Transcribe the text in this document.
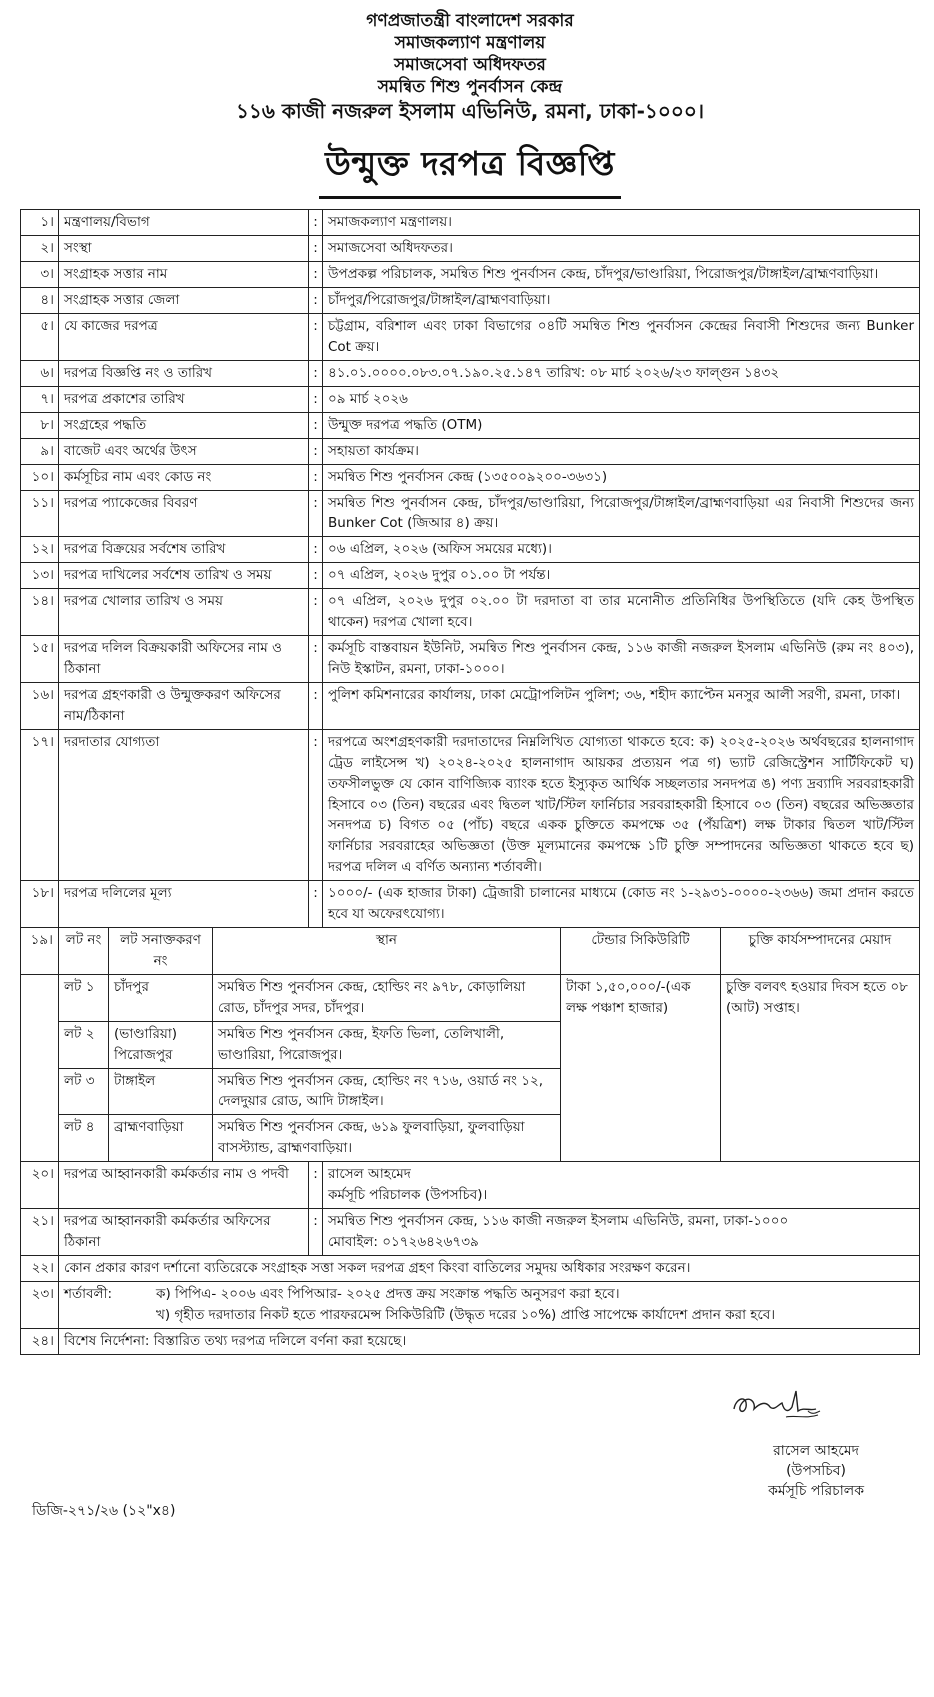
গণপ্রজাতন্ত্রী বাংলাদেশ সরকার
সমাজকল্যাণ মন্ত্রণালয়
সমাজসেবা অধিদফতর
সমন্বিত শিশু পুনর্বাসন কেন্দ্র
১১৬ কাজী নজরুল ইসলাম এভিনিউ, রমনা, ঢাকা-১০০০।
উন্মুক্ত দরপত্র বিজ্ঞপ্তি
১।	মন্ত্রণালয়/বিভাগ	:	সমাজকল্যাণ মন্ত্রণালয়।
২।	সংস্থা	:	সমাজসেবা অধিদফতর।
৩।	সংগ্রাহক সত্তার নাম	:	উপপ্রকল্প পরিচালক, সমন্বিত শিশু পুনর্বাসন কেন্দ্র, চাঁদপুর/ভাণ্ডারিয়া, পিরোজপুর/টাঙ্গাইল/ব্রাহ্মণবাড়িয়া।
৪।	সংগ্রাহক সত্তার জেলা	:	চাঁদপুর/পিরোজপুর/টাঙ্গাইল/ব্রাহ্মণবাড়িয়া।
৫।	যে কাজের দরপত্র	:	চট্টগ্রাম, বরিশাল এবং ঢাকা বিভাগের ০৪টি সমন্বিত শিশু পুনর্বাসন কেন্দ্রের নিবাসী শিশুদের জন্য Bunker Cot ক্রয়।
৬।	দরপত্র বিজ্ঞপ্তি নং ও তারিখ	:	৪১.০১.০০০০.০৮৩.০৭.১৯০.২৫.১৪৭ তারিখ: ০৮ মার্চ ২০২৬/২৩ ফাল্গুন ১৪৩২
৭।	দরপত্র প্রকাশের তারিখ	:	০৯ মার্চ ২০২৬
৮।	সংগ্রহের পদ্ধতি	:	উন্মুক্ত দরপত্র পদ্ধতি (OTM)
৯।	বাজেট এবং অর্থের উৎস	:	সহায়তা কার্যক্রম।
১০।	কর্মসূচির নাম এবং কোড নং	:	সমন্বিত শিশু পুনর্বাসন কেন্দ্র (১৩৫০০৯২০০-৩৬৩১)
১১।	দরপত্র প্যাকেজের বিবরণ	:	সমন্বিত শিশু পুনর্বাসন কেন্দ্র, চাঁদপুর/ভাণ্ডারিয়া, পিরোজপুর/টাঙ্গাইল/ব্রাহ্মণবাড়িয়া এর নিবাসী শিশুদের জন্য Bunker Cot (জিআর ৪) ক্রয়।
১২।	দরপত্র বিক্রয়ের সর্বশেষ তারিখ	:	০৬ এপ্রিল, ২০২৬ (অফিস সময়ের মধ্যে)।
১৩।	দরপত্র দাখিলের সর্বশেষ তারিখ ও সময়	:	০৭ এপ্রিল, ২০২৬ দুপুর ০১.০০ টা পর্যন্ত।
১৪।	দরপত্র খোলার তারিখ ও সময়	:	০৭ এপ্রিল, ২০২৬ দুপুর ০২.০০ টা দরদাতা বা তার মনোনীত প্রতিনিধির উপস্থিতিতে (যদি কেহ উপস্থিত থাকেন) দরপত্র খোলা হবে।
১৫।	দরপত্র দলিল বিক্রয়কারী অফিসের নাম ও ঠিকানা	:	কর্মসূচি বাস্তবায়ন ইউনিট, সমন্বিত শিশু পুনর্বাসন কেন্দ্র, ১১৬ কাজী নজরুল ইসলাম এভিনিউ (রুম নং ৪০৩), নিউ ইস্কাটন, রমনা, ঢাকা-১০০০।
১৬।	দরপত্র গ্রহণকারী ও উন্মুক্তকরণ অফিসের নাম/ঠিকানা	:	পুলিশ কমিশনারের কার্যালয়, ঢাকা মেট্রোপলিটন পুলিশ; ৩৬, শহীদ ক্যাপ্টেন মনসুর আলী সরণী, রমনা, ঢাকা।
১৭।	দরদাতার যোগ্যতা	:	দরপত্রে অংশগ্রহণকারী দরদাতাদের নিম্নলিখিত যোগ্যতা থাকতে হবে: ক) ২০২৫-২০২৬ অর্থবছরের হালনাগাদ ট্রেড লাইসেন্স খ) ২০২৪-২০২৫ হালনাগাদ আয়কর প্রত্যয়ন পত্র গ) ভ্যাট রেজিস্ট্রেশন সার্টিফিকেট ঘ) তফসীলভুক্ত যে কোন বাণিজ্যিক ব্যাংক হতে ইস্যুকৃত আর্থিক সচ্ছলতার সনদপত্র ঙ) পণ্য দ্রব্যাদি সরবরাহকারী হিসাবে ০৩ (তিন) বছরের এবং দ্বিতল খাট/স্টিল ফার্নিচার সরবরাহকারী হিসাবে ০৩ (তিন) বছরের অভিজ্ঞতার সনদপত্র চ) বিগত ০৫ (পাঁচ) বছরে একক চুক্তিতে কমপক্ষে ৩৫ (পঁয়ত্রিশ) লক্ষ টাকার দ্বিতল খাট/স্টিল ফার্নিচার সরবরাহের অভিজ্ঞতা (উক্ত মূল্যমানের কমপক্ষে ১টি চুক্তি সম্পাদনের অভিজ্ঞতা থাকতে হবে ছ) দরপত্র দলিল এ বর্ণিত অন্যান্য শর্তাবলী।
১৮।	দরপত্র দলিলের মূল্য	:	১০০০/- (এক হাজার টাকা) ট্রেজারী চালানের মাধ্যমে (কোড নং ১-২৯৩১-০০০০-২৩৬৬) জমা প্রদান করতে হবে যা অফেরৎযোগ্য।
১৯।	লট নং	লট সনাক্তকরণ নং	স্থান	টেন্ডার সিকিউরিটি	চুক্তি কার্যসম্পাদনের মেয়াদ
	লট ১	চাঁদপুর	সমন্বিত শিশু পুনর্বাসন কেন্দ্র, হোল্ডিং নং ৯৭৮, কোড়ালিয়া রোড, চাঁদপুর সদর, চাঁদপুর।	টাকা ১,৫০,০০০/-(এক লক্ষ পঞ্চাশ হাজার)	চুক্তি বলবৎ হওয়ার দিবস হতে ০৮ (আট) সপ্তাহ।
	লট ২	(ভাণ্ডারিয়া) পিরোজপুর	সমন্বিত শিশু পুনর্বাসন কেন্দ্র, ইফতি ভিলা, তেলিখালী, ভাণ্ডারিয়া, পিরোজপুর।		
	লট ৩	টাঙ্গাইল	সমন্বিত শিশু পুনর্বাসন কেন্দ্র, হোল্ডিং নং ৭১৬, ওয়ার্ড নং ১২, দেলদুয়ার রোড, আদি টাঙ্গাইল।		
	লট ৪	ব্রাহ্মণবাড়িয়া	সমন্বিত শিশু পুনর্বাসন কেন্দ্র, ৬১৯ ফুলবাড়িয়া, ফুলবাড়িয়া বাসস্ট্যান্ড, ব্রাহ্মণবাড়িয়া।		
২০।	দরপত্র আহ্বানকারী কর্মকর্তার নাম ও পদবী	:	রাসেল আহমেদ
কর্মসূচি পরিচালক (উপসচিব)।

২১।	দরপত্র আহ্বানকারী কর্মকর্তার অফিসের ঠিকানা	:	সমন্বিত শিশু পুনর্বাসন কেন্দ্র, ১১৬ কাজী নজরুল ইসলাম এভিনিউ, রমনা, ঢাকা-১০০০
মোবাইল: ০১৭২৬৪২৬৭৩৯

২২।	কোন প্রকার কারণ দর্শানো ব্যতিরেকে সংগ্রাহক সত্তা সকল দরপত্র গ্রহণ কিংবা বাতিলের সমুদয় অধিকার সংরক্ষণ করেন।		
২৩।	শর্তাবলী: ক) পিপিএ- ২০০৬ এবং পিপিআর- ২০২৫ প্রদত্ত ক্রয় সংক্রান্ত পদ্ধতি অনুসরণ করা হবে।
খ) গৃহীত দরদাতার নিকট হতে পারফরমেন্স সিকিউরিটি (উদ্ধৃত দরের ১০%) প্রাপ্তি সাপেক্ষে কার্যাদেশ প্রদান করা হবে।		

২৪।	বিশেষ নির্দেশনা: বিস্তারিত তথ্য দরপত্র দলিলে বর্ণনা করা হয়েছে।		
রাসেল আহমেদ
(উপসচিব)
কর্মসূচি পরিচালক
ডিজি-২৭১/২৬ (১২"x৪)
